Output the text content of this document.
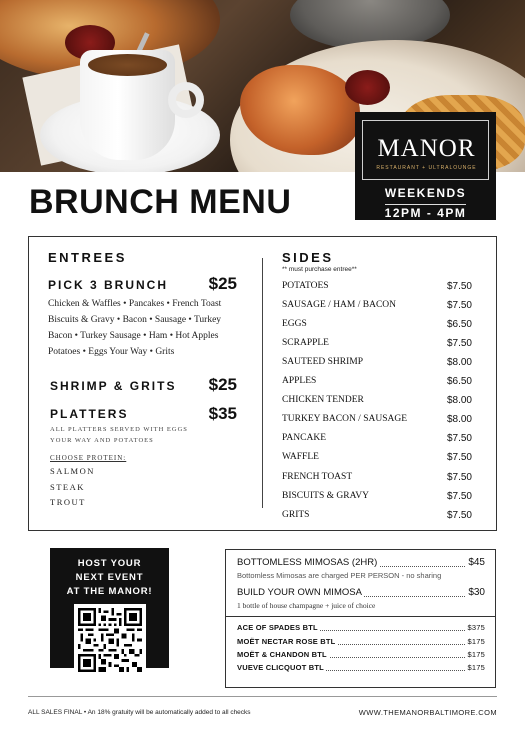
MANOR
RESTAURANT + ULTRALOUNGE
WEEKENDS
12PM - 4PM
BRUNCH MENU
ENTREES
PICK 3 BRUNCH	$25
Chicken & Waffles • Pancakes • French Toast
Biscuits & Gravy • Bacon • Sausage • Turkey
Bacon • Turkey Sausage • Ham • Hot Apples
Potatoes • Eggs Your Way • Grits
SHRIMP & GRITS	$25
PLATTERS	$35
ALL PLATTERS SERVED WITH EGGS
YOUR WAY AND POTATOES
CHOOSE PROTEIN:
SALMON
STEAK
TROUT
SIDES
** must purchase entree**
POTATOES	$7.50
SAUSAGE / HAM / BACON	$7.50
EGGS	$6.50
SCRAPPLE	$7.50
SAUTEED SHRIMP	$8.00
APPLES	$6.50
CHICKEN TENDER	$8.00
TURKEY BACON / SAUSAGE	$8.00
PANCAKE	$7.50
WAFFLE	$7.50
FRENCH TOAST	$7.50
BISCUITS & GRAVY	$7.50
GRITS	$7.50
HOST YOUR
NEXT EVENT
AT THE MANOR!
BOTTOMLESS MIMOSAS (2HR)	$45
Bottomless Mimosas are charged PER PERSON - no sharing
BUILD YOUR OWN MIMOSA	$30
1 bottle of house champagne + juice of choice
ACE OF SPADES BTL	$375
MOËT NECTAR ROSE BTL	$175
MOËT & CHANDON BTL	$175
VUEVE CLICQUOT BTL	$175
ALL SALES FINAL • An 18% gratuity will be automatically added to all checks	WWW.THEMANORBALTIMORE.COM
